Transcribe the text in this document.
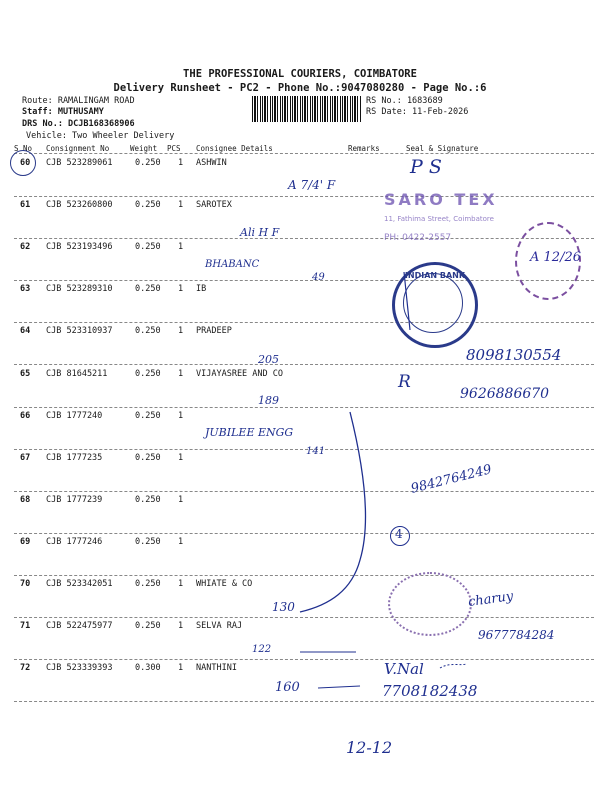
THE PROFESSIONAL COURIERS, COIMBATORE
Delivery Runsheet - PC2 - Phone No.:9047080280 - Page No.:6
Route: RAMALINGAM ROAD
Staff: MUTHUSAMY
DRS No.: DCJB168368906
Vehicle: Two Wheeler Delivery
RS No.: 1683689
RS Date: 11-Feb-2026
S No Consignment No	Weight PCS Consignee Details	Remarks	Seal & Signature
60 CJB 523289061	0.250 1 ASHWIN
61 CJB 523260800	0.250 1 SAROTEX
62 CJB 523193496	0.250 1
63 CJB 523289310	0.250 1 IB
64 CJB 523310937	0.250 1 PRADEEP
65 CJB 81645211	0.250 1 VIJAYASREE AND CO
66 CJB 1777240	0.250 1
67 CJB 1777235	0.250 1
68 CJB 1777239	0.250 1
69 CJB 1777246	0.250 1
70 CJB 523342051	0.250 1 WHIATE & CO
71 CJB 522475977	0.250 1 SELVA RAJ
72 CJB 523339393	0.300 1 NANTHINI
A 12/26
SARO TEX
11, Fathima Street, Coimbatore
PH: 0422-2557
INDIAN BANK
P S
A 7/4' F
Ali H F
BHABANC
49
205	8098130554
9626886670
R
189
JUBILEE ENGG
141
9842764249
4
130	charuy
122
9677784284
160
V.Nal
7708182438
12-12
